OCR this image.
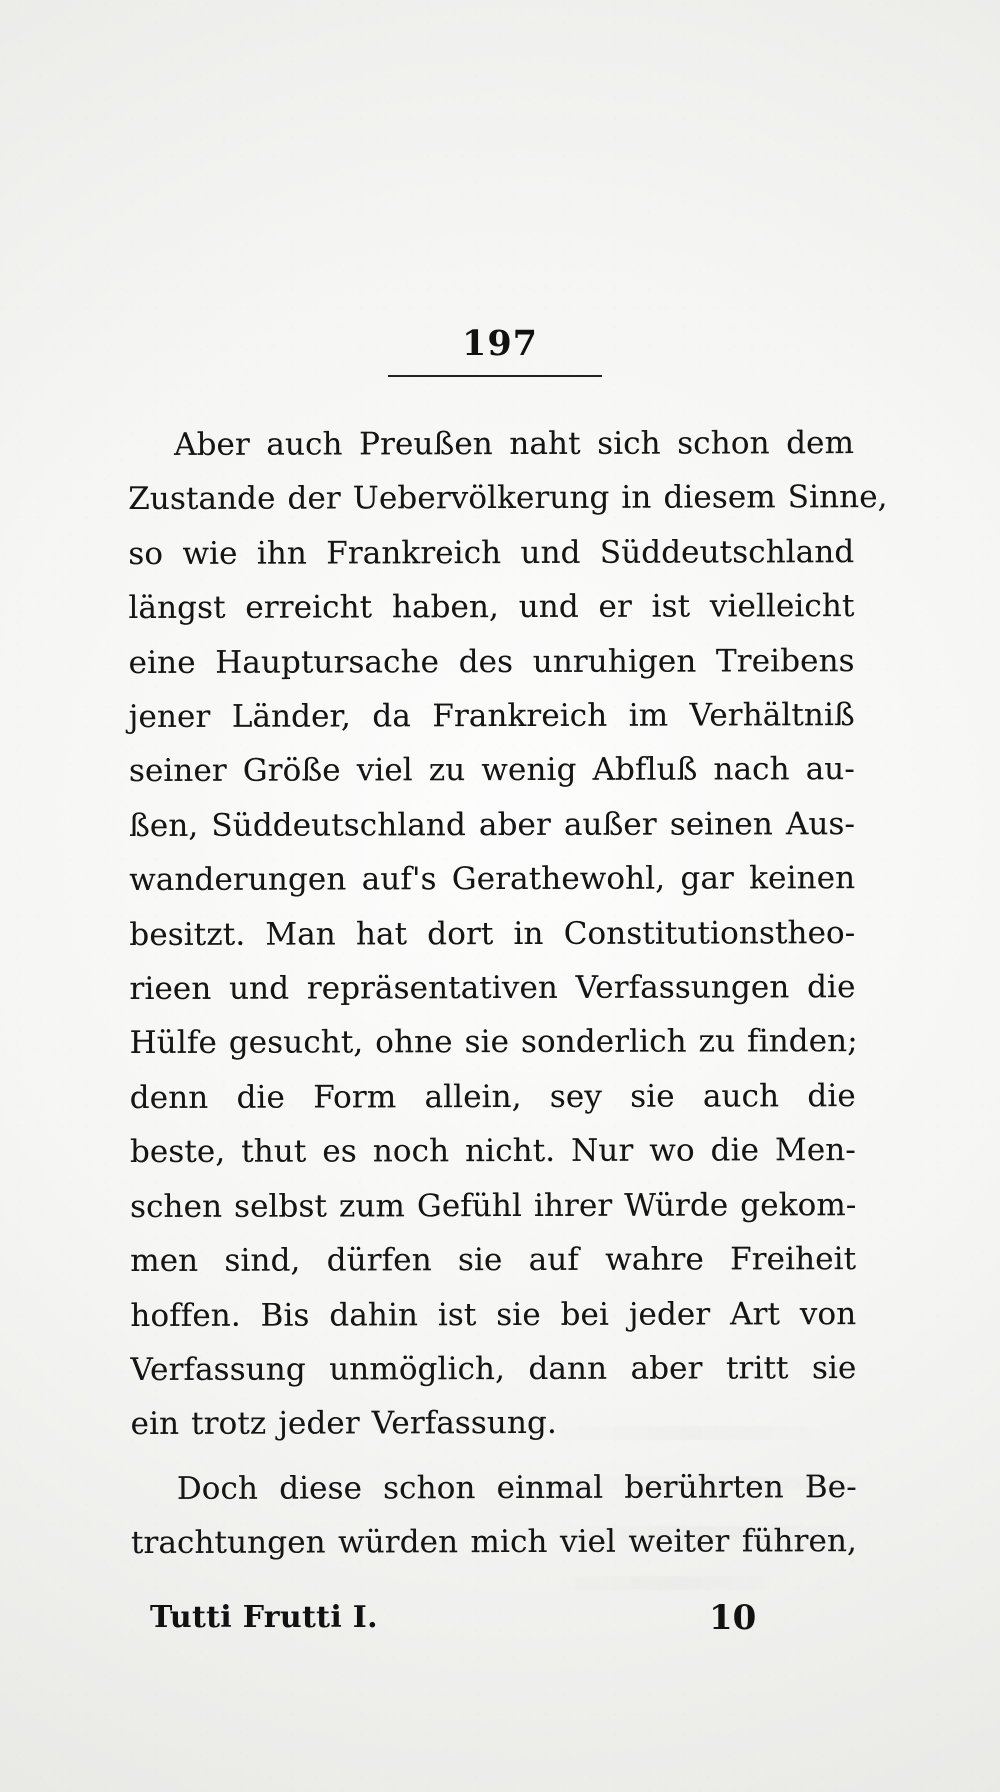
197
Aber auch Preußen naht sich schon dem
Zustande der Uebervölkerung in diesem Sinne,
so wie ihn Frankreich und Süddeutschland
längst erreicht haben, und er ist vielleicht
eine Hauptursache des unruhigen Treibens
jener Länder, da Frankreich im Verhältniß
seiner Größe viel zu wenig Abfluß nach au-
ßen, Süddeutschland aber außer seinen Aus-
wanderungen auf's Gerathewohl, gar keinen
besitzt. Man hat dort in Constitutionstheo-
rieen und repräsentativen Verfassungen die
Hülfe gesucht, ohne sie sonderlich zu finden;
denn die Form allein, sey sie auch die
beste, thut es noch nicht. Nur wo die Men-
schen selbst zum Gefühl ihrer Würde gekom-
men sind, dürfen sie auf wahre Freiheit
hoffen. Bis dahin ist sie bei jeder Art von
Verfassung unmöglich, dann aber tritt sie
ein trotz jeder Verfassung.
Doch diese schon einmal berührten Be-
trachtungen würden mich viel weiter führen,
Tutti Frutti I.	10
